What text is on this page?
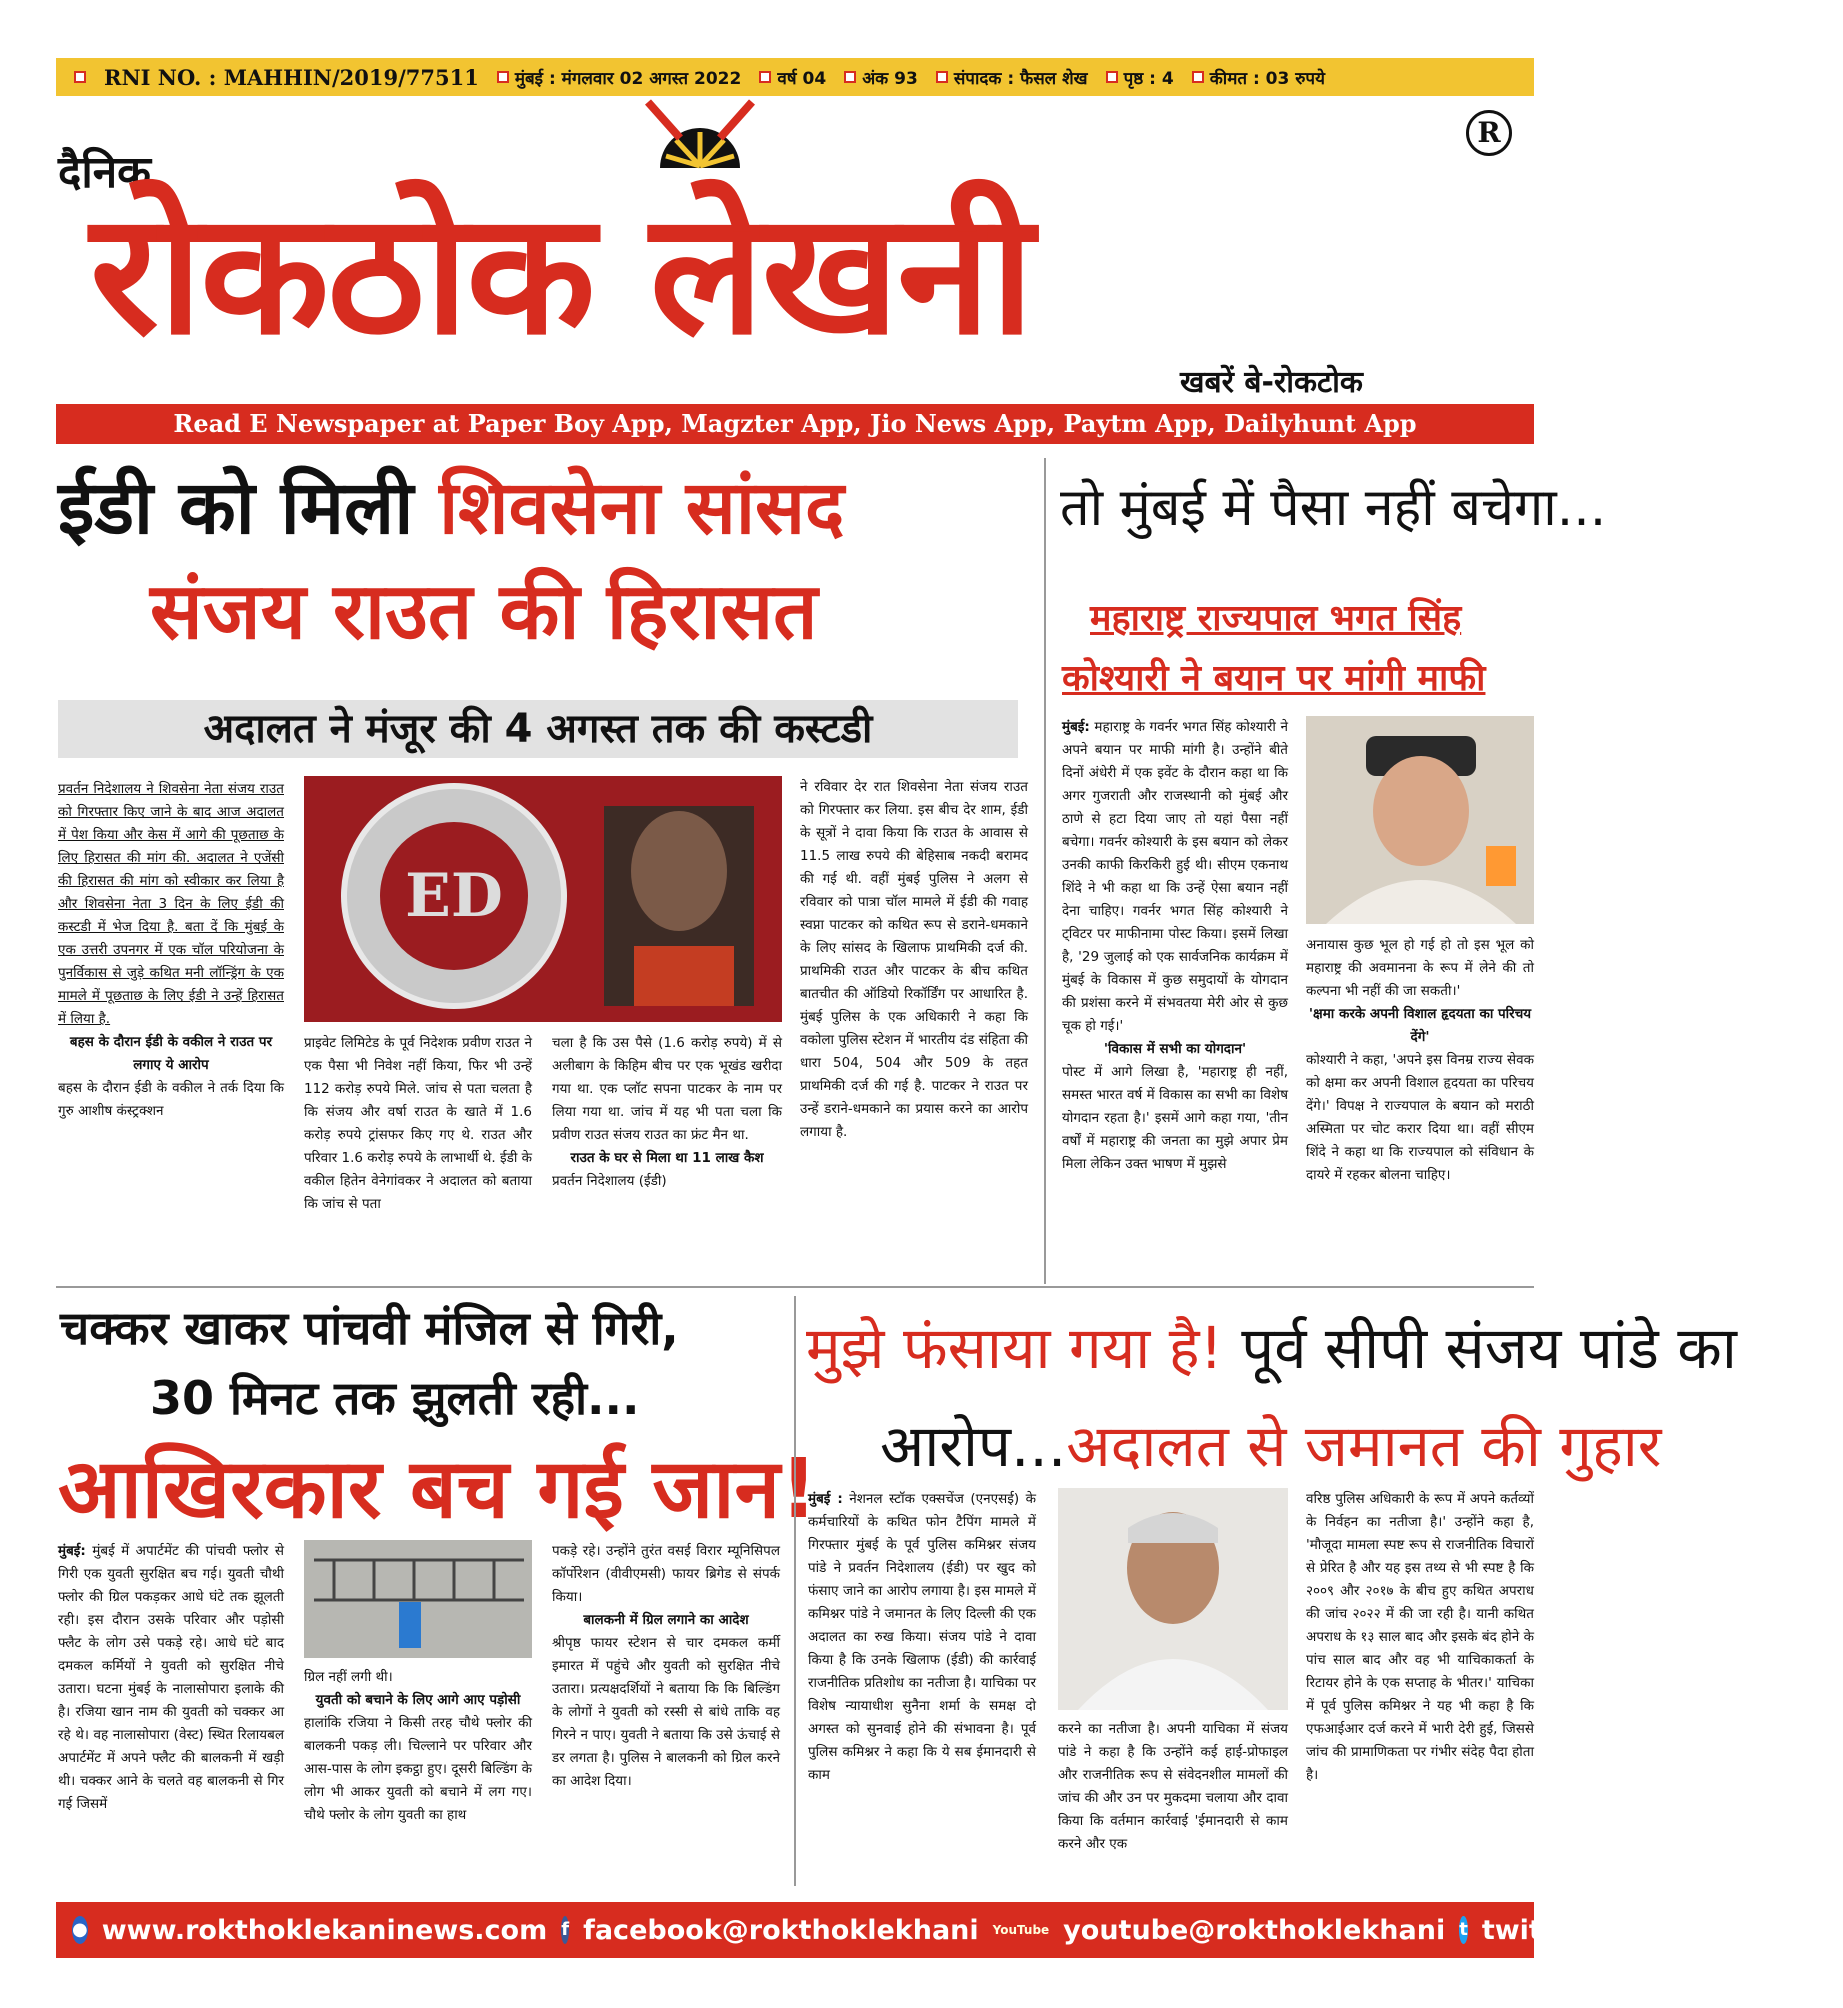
RNI NO. : MAHHIN/2019/77511 मुंबई : मंगलवार 02 अगस्त 2022 वर्ष 04 अंक 93 संपादक : फैसल शेख पृष्ठ : 4 कीमत : 03 रुपये
दैनिक
रोकठोक लेखनी
R
खबरें बे-रोकटोक
Read E Newspaper at Paper Boy App, Magzter App, Jio News App, Paytm App, Dailyhunt App
ईडी को मिली शिवसेना सांसद
संजय राउत की हिरासत
अदालत ने मंजूर की 4 अगस्त तक की कस्टडी
प्रवर्तन निदेशालय ने शिवसेना नेता संजय राउत को गिरफ्तार किए जाने के बाद आज अदालत में पेश किया और केस में आगे की पूछताछ के लिए हिरासत की मांग की. अदालत ने एजेंसी की हिरासत की मांग को स्वीकार कर लिया है और शिवसेना नेता 3 दिन के लिए ईडी की कस्टडी में भेज दिया है. बता दें कि मुंबई के एक उत्तरी उपनगर में एक चॉल परियोजना के पुनर्विकास से जुड़े कथित मनी लॉन्ड्रिंग के एक मामले में पूछताछ के लिए ईडी ने उन्हें हिरासत में लिया है.
बहस के दौरान ईडी के वकील ने राउत पर लगाए ये आरोप
बहस के दौरान ईडी के वकील ने तर्क दिया कि गुरु आशीष कंस्ट्रक्शन
ED
प्राइवेट लिमिटेड के पूर्व निदेशक प्रवीण राउत ने एक पैसा भी निवेश नहीं किया, फिर भी उन्हें 112 करोड़ रुपये मिले. जांच से पता चलता है कि संजय और वर्षा राउत के खाते में 1.6 करोड़ रुपये ट्रांसफर किए गए थे. राउत और परिवार 1.6 करोड़ रुपये के लाभार्थी थे. ईडी के वकील हितेन वेनेगांवकर ने अदालत को बताया कि जांच से पता
चला है कि उस पैसे (1.6 करोड़ रुपये) में से अलीबाग के किहिम बीच पर एक भूखंड खरीदा गया था. एक प्लॉट सपना पाटकर के नाम पर लिया गया था. जांच में यह भी पता चला कि प्रवीण राउत संजय राउत का फ्रंट मैन था.
राउत के घर से मिला था 11 लाख कैश
प्रवर्तन निदेशालय (ईडी)
ने रविवार देर रात शिवसेना नेता संजय राउत को गिरफ्तार कर लिया. इस बीच देर शाम, ईडी के सूत्रों ने दावा किया कि राउत के आवास से 11.5 लाख रुपये की बेहिसाब नकदी बरामद की गई थी. वहीं मुंबई पुलिस ने अलग से रविवार को पात्रा चॉल मामले में ईडी की गवाह स्वप्ना पाटकर को कथित रूप से डराने-धमकाने के लिए सांसद के खिलाफ प्राथमिकी दर्ज की. प्राथमिकी राउत और पाटकर के बीच कथित बातचीत की ऑडियो रिकॉर्डिंग पर आधारित है. मुंबई पुलिस के एक अधिकारी ने कहा कि वकोला पुलिस स्टेशन में भारतीय दंड संहिता की धारा 504, 504 और 509 के तहत प्राथमिकी दर्ज की गई है. पाटकर ने राउत पर उन्हें डराने-धमकाने का प्रयास करने का आरोप लगाया है.
तो मुंबई में पैसा नहीं बचेगा...
महाराष्ट्र राज्यपाल भगत सिंह
कोश्यारी ने बयान पर मांगी माफी
मुंबई: महाराष्ट्र के गवर्नर भगत सिंह कोश्यारी ने अपने बयान पर माफी मांगी है। उन्होंने बीते दिनों अंधेरी में एक इवेंट के दौरान कहा था कि अगर गुजराती और राजस्थानी को मुंबई और ठाणे से हटा दिया जाए तो यहां पैसा नहीं बचेगा। गवर्नर कोश्यारी के इस बयान को लेकर उनकी काफी किरकिरी हुई थी। सीएम एकनाथ शिंदे ने भी कहा था कि उन्हें ऐसा बयान नहीं देना चाहिए। गवर्नर भगत सिंह कोश्यारी ने ट्विटर पर माफीनामा पोस्ट किया। इसमें लिखा है, '29 जुलाई को एक सार्वजनिक कार्यक्रम में मुंबई के विकास में कुछ समुदायों के योगदान की प्रशंसा करने में संभवतया मेरी ओर से कुछ चूक हो गई।'
'विकास में सभी का योगदान'
पोस्ट में आगे लिखा है, 'महाराष्ट्र ही नहीं, समस्त भारत वर्ष में विकास का सभी का विशेष योगदान रहता है।' इसमें आगे कहा गया, 'तीन वर्षों में महाराष्ट्र की जनता का मुझे अपार प्रेम मिला लेकिन उक्त भाषण में मुझसे
अनायास कुछ भूल हो गई हो तो इस भूल को महाराष्ट्र की अवमानना के रूप में लेने की तो कल्पना भी नहीं की जा सकती।'
'क्षमा करके अपनी विशाल हृदयता का परिचय देंगे'
कोश्यारी ने कहा, 'अपने इस विनम्र राज्य सेवक को क्षमा कर अपनी विशाल हृदयता का परिचय देंगे।' विपक्ष ने राज्यपाल के बयान को मराठी अस्मिता पर चोट करार दिया था। वहीं सीएम शिंदे ने कहा था कि राज्यपाल को संविधान के दायरे में रहकर बोलना चाहिए।
चक्कर खाकर पांचवी मंजिल से गिरी,
30 मिनट तक झुलती रही...
आखिरकार बच गई जान!
मुंबई: मुंबई में अपार्टमेंट की पांचवी फ्लोर से गिरी एक युवती सुरक्षित बच गई। युवती चौथी फ्लोर की ग्रिल पकड़कर आधे घंटे तक झूलती रही। इस दौरान उसके परिवार और पड़ोसी फ्लैट के लोग उसे पकड़े रहे। आधे घंटे बाद दमकल कर्मियों ने युवती को सुरक्षित नीचे उतारा। घटना मुंबई के नालासोपारा इलाके की है। रजिया खान नाम की युवती को चक्कर आ रहे थे। वह नालासोपारा (वेस्ट) स्थित रिलायबल अपार्टमेंट में अपने फ्लैट की बालकनी में खड़ी थी। चक्कर आने के चलते वह बालकनी से गिर गई जिसमें
ग्रिल नहीं लगी थी।
युवती को बचाने के लिए आगे आए पड़ोसी
हालांकि रजिया ने किसी तरह चौथे फ्लोर की बालकनी पकड़ ली। चिल्लाने पर परिवार और आस-पास के लोग इकट्ठा हुए। दूसरी बिल्डिंग के लोग भी आकर युवती को बचाने में लग गए। चौथे फ्लोर के लोग युवती का हाथ
पकड़े रहे। उन्होंने तुरंत वसई विरार म्यूनिसिपल कॉर्पोरेशन (वीवीएमसी) फायर ब्रिगेड से संपर्क किया।
बालकनी में ग्रिल लगाने का आदेश
श्रीपृष्ठ फायर स्टेशन से चार दमकल कर्मी इमारत में पहुंचे और युवती को सुरक्षित नीचे उतारा। प्रत्यक्षदर्शियों ने बताया कि कि बिल्डिंग के लोगों ने युवती को रस्सी से बांधे ताकि वह गिरने न पाए। युवती ने बताया कि उसे ऊंचाई से डर लगता है। पुलिस ने बालकनी को ग्रिल करने का आदेश दिया।
मुझे फंसाया गया है! पूर्व सीपी संजय पांडे का
आरोप...अदालत से जमानत की गुहार
मुंबई : नेशनल स्टॉक एक्सचेंज (एनएसई) के कर्मचारियों के कथित फोन टैपिंग मामले में गिरफ्तार मुंबई के पूर्व पुलिस कमिश्नर संजय पांडे ने प्रवर्तन निदेशालय (ईडी) पर खुद को फंसाए जाने का आरोप लगाया है। इस मामले में कमिश्नर पांडे ने जमानत के लिए दिल्ली की एक अदालत का रुख किया। संजय पांडे ने दावा किया है कि उनके खिलाफ (ईडी) की कार्रवाई राजनीतिक प्रतिशोध का नतीजा है। याचिका पर विशेष न्यायाधीश सुनैना शर्मा के समक्ष दो अगस्त को सुनवाई होने की संभावना है। पूर्व पुलिस कमिश्नर ने कहा कि ये सब ईमानदारी से काम
करने का नतीजा है। अपनी याचिका में संजय पांडे ने कहा है कि उन्होंने कई हाई-प्रोफाइल और राजनीतिक रूप से संवेदनशील मामलों की जांच की और उन पर मुकदमा चलाया और दावा किया कि वर्तमान कार्रवाई 'ईमानदारी से काम करने और एक
वरिष्ठ पुलिस अधिकारी के रूप में अपने कर्तव्यों के निर्वहन का नतीजा है।' उन्होंने कहा है, 'मौजूदा मामला स्पष्ट रूप से राजनीतिक विचारों से प्रेरित है और यह इस तथ्य से भी स्पष्ट है कि २००९ और २०१७ के बीच हुए कथित अपराध की जांच २०२२ में की जा रही है। यानी कथित अपराध के १३ साल बाद और इसके बंद होने के पांच साल बाद और वह भी याचिकाकर्ता के रिटायर होने के एक सप्ताह के भीतर।' याचिका में पूर्व पुलिस कमिश्नर ने यह भी कहा है कि एफआईआर दर्ज करने में भारी देरी हुई, जिससे जांच की प्रामाणिकता पर गंभीर संदेह पैदा होता है।
● www.rokthoklekaninews.com f facebook@rokthoklekhani YouTube youtube@rokthoklekhani t twitter@rokthoklekhani
